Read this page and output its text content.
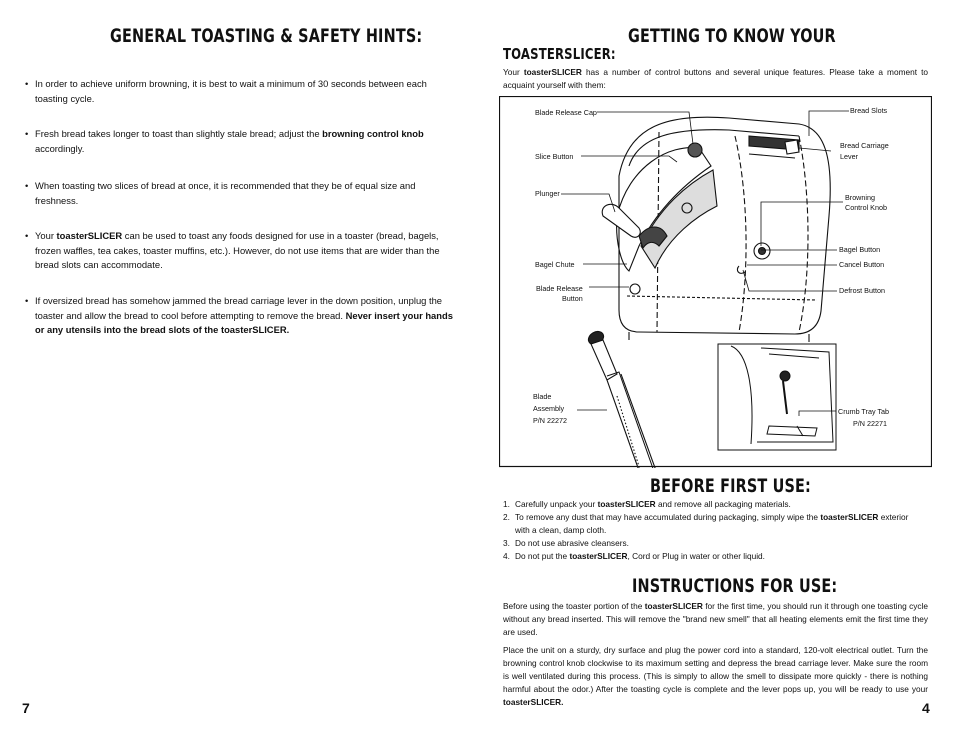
GENERAL TOASTING & SAFETY HINTS:
• In order to achieve uniform browning, it is best to wait a minimum of 30 seconds between each toasting cycle.
• Fresh bread takes longer to toast than slightly stale bread; adjust the browning control knob accordingly.
• When toasting two slices of bread at once, it is recommended that they be of equal size and freshness.
• Your toasterSLICER can be used to toast any foods designed for use in a toaster (bread, bagels, frozen waffles, tea cakes, toaster muffins, etc.). However, do not use items that are wider than the bread slots can accommodate.
• If oversized bread has somehow jammed the bread carriage lever in the down position, unplug the toaster and allow the bread to cool before attempting to remove the bread. Never insert your hands or any utensils into the bread slots of the toasterSLICER.
7
GETTING TO KNOW YOUR
TOASTERSLICER:
Your toasterSLICER has a number of control buttons and several unique features. Please take a moment to acquaint yourself with them:
Blade Release Cap	Bread Slots
Slice Button
Bread Carriage
Lever
Plunger	Browning
Control Knob
Bagel Button
Bagel Chute	Cancel Button
Blade Release
Button
Defrost Button
Blade
Assembly
P/N 22272
Crumb Tray Tab
P/N 22271
BEFORE FIRST USE:
1. Carefully unpack your toasterSLICER and remove all packaging materials.
2. To remove any dust that may have accumulated during packaging, simply wipe the toasterSLICER exterior with a clean, damp cloth.
3. Do not use abrasive cleansers.
4. Do not put the toasterSLICER, Cord or Plug in water or other liquid.
INSTRUCTIONS FOR USE:
Before using the toaster portion of the toasterSLICER for the first time, you should run it through one toasting cycle without any bread inserted. This will remove the "brand new smell" that all heating elements emit the first time they are used.
Place the unit on a sturdy, dry surface and plug the power cord into a standard, 120-volt electrical outlet. Turn the browning control knob clockwise to its maximum setting and depress the bread carriage lever. Make sure the room is well ventilated during this process. (This is simply to allow the smell to dissipate more quickly - there is nothing harmful about the odor.) After the toasting cycle is complete and the lever pops up, you will be ready to use your toasterSLICER.	4
